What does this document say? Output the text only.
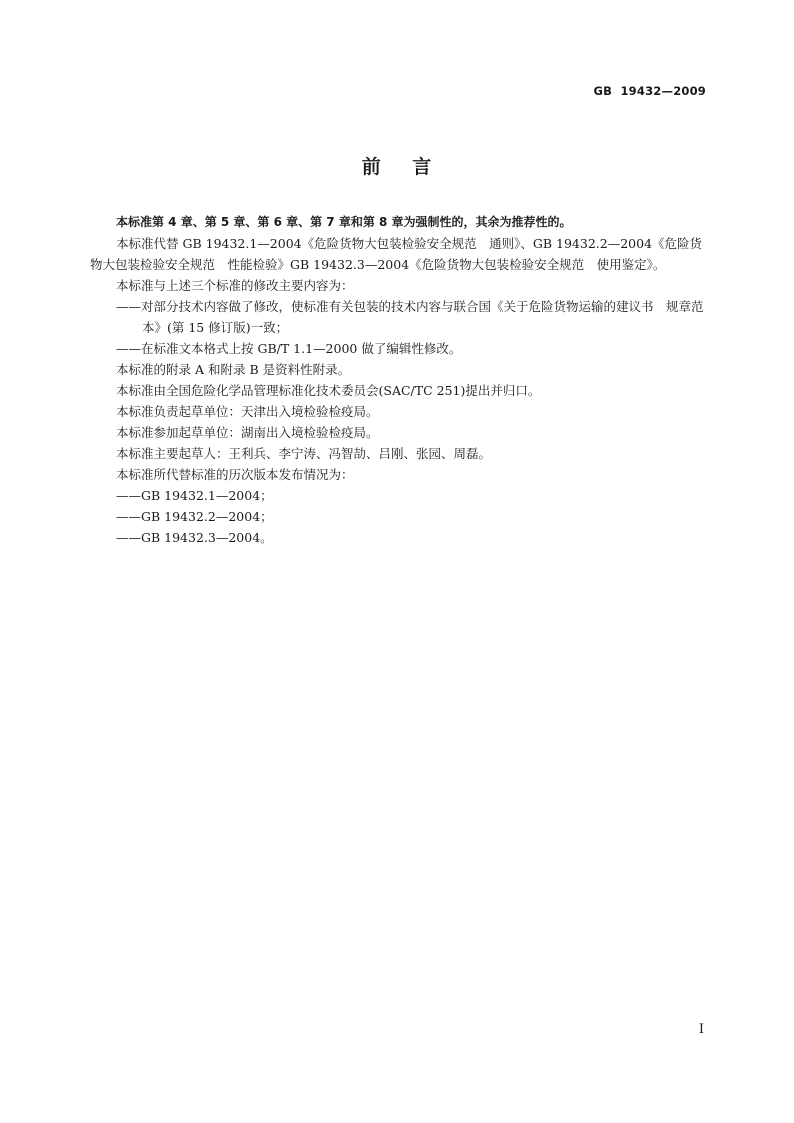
GB  19432—2009
前    言

本标准第 4 章、第 5 章、第 6 章、第 7 章和第 8 章为强制性的，其余为推荐性的。

本标准代替 GB 19432.1—2004《危险货物大包装检验安全规范　通则》、GB 19432.2—2004《危险货物大包装检验安全规范　性能检验》GB 19432.3—2004《危险货物大包装检验安全规范　使用鉴定》。

本标准与上述三个标准的修改主要内容为：

——对部分技术内容做了修改，使标准有关包装的技术内容与联合国《关于危险货物运输的建议书　规章范本》(第 15 修订版)一致；

——在标准文本格式上按 GB/T 1.1—2000 做了编辑性修改。

本标准的附录 A 和附录 B 是资料性附录。

本标准由全国危险化学品管理标准化技术委员会(SAC/TC 251)提出并归口。

本标准负责起草单位：天津出入境检验检疫局。

本标准参加起草单位：湖南出入境检验检疫局。

本标准主要起草人：王利兵、李宁涛、冯智劼、吕刚、张园、周磊。

本标准所代替标准的历次版本发布情况为：

——GB 19432.1—2004；

——GB 19432.2—2004；

——GB 19432.3—2004。

I
